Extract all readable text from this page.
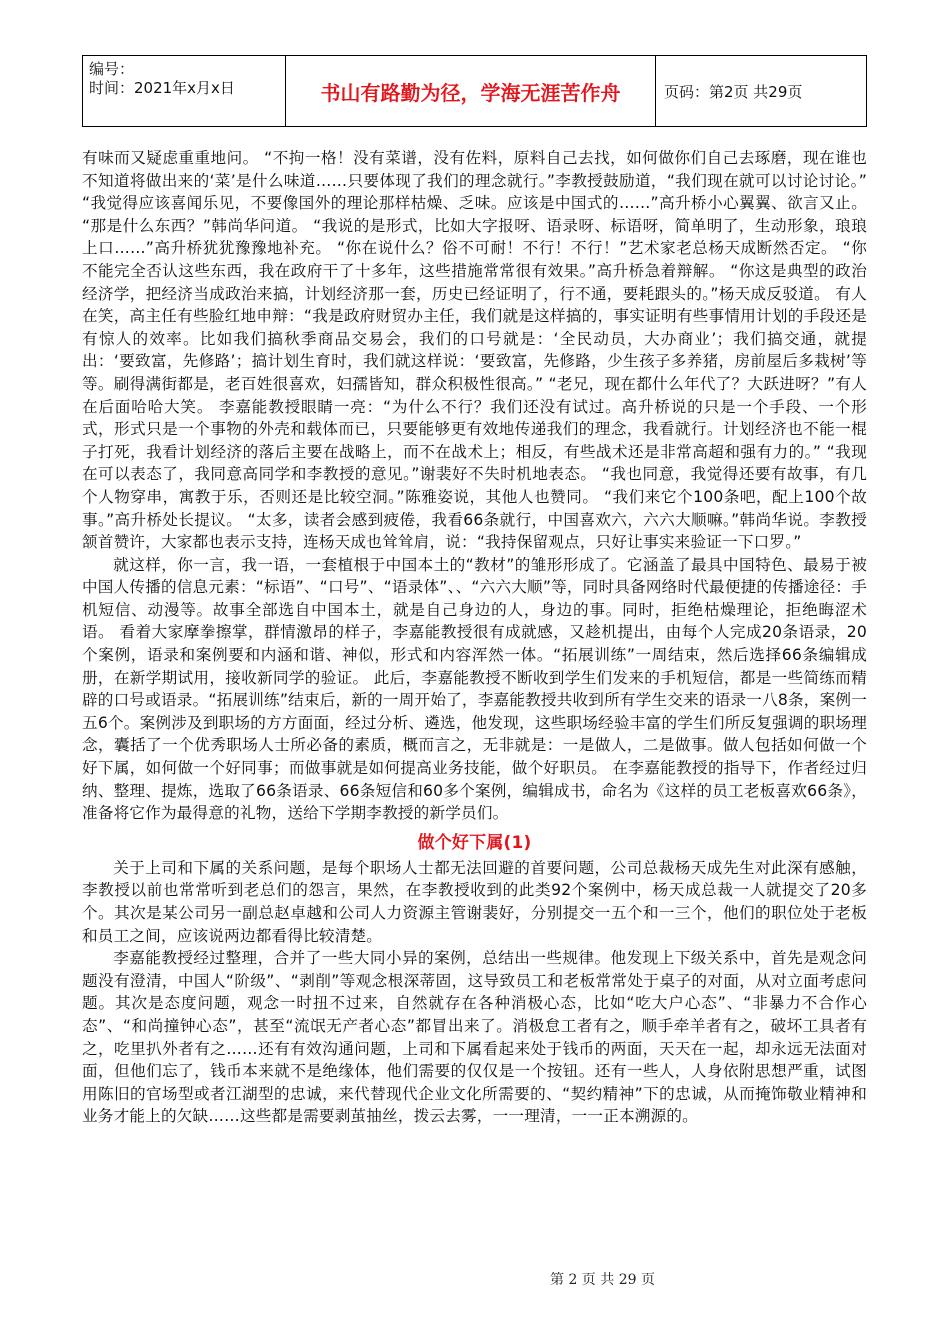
编号：
时间：2021年x月x日	书山有路勤为径，学海无涯苦作舟	页码：第2页 共29页

有味而又疑虑重重地问。 “不拘一格！没有菜谱，没有佐料，原料自己去找，如何做你们自己去琢磨，现在谁也不知道将做出来的‘菜’是什么味道……只要体现了我们的理念就行。”李教授鼓励道，“我们现在就可以讨论讨论。” “我觉得应该喜闻乐见，不要像国外的理论那样枯燥、乏味。应该是中国式的……”高升桥小心翼翼、欲言又止。 “那是什么东西？”韩尚华问道。 “我说的是形式，比如大字报呀、语录呀、标语呀，简单明了，生动形象，琅琅上口……”高升桥犹犹豫豫地补充。 “你在说什么？俗不可耐！不行！不行！”艺术家老总杨天成断然否定。 “你不能完全否认这些东西，我在政府干了十多年，这些措施常常很有效果。”高升桥急着辩解。 “你这是典型的政治经济学，把经济当成政治来搞，计划经济那一套，历史已经证明了，行不通，要耗跟头的。”杨天成反驳道。 有人在笑，高主任有些脸红地申辩：“我是政府财贸办主任，我们就是这样搞的，事实证明有些事情用计划的手段还是有惊人的效率。比如我们搞秋季商品交易会，我们的口号就是：‘全民动员，大办商业’；我们搞交通，就提出：‘要致富，先修路’；搞计划生育时，我们就这样说：‘要致富，先修路，少生孩子多养猪，房前屋后多栽树’等等。刷得满街都是，老百姓很喜欢，妇孺皆知，群众积极性很高。” “老兄，现在都什么年代了？大跃进呀？”有人在后面哈哈大笑。 李嘉能教授眼睛一亮：“为什么不行？我们还没有试过。高升桥说的只是一个手段、一个形式，形式只是一个事物的外壳和载体而已，只要能够更有效地传递我们的理念，我看就行。计划经济也不能一棍子打死，我看计划经济的落后主要在战略上，而不在战术上；相反，有些战术还是非常高超和强有力的。” “我现在可以表态了，我同意高同学和李教授的意见。”谢裴好不失时机地表态。 “我也同意，我觉得还要有故事，有几个人物穿串，寓教于乐，否则还是比较空洞。”陈雅姿说，其他人也赞同。 “我们来它个100条吧，配上100个故事。”高升桥处长提议。 “太多，读者会感到疲倦，我看66条就行，中国喜欢六，六六大顺嘛。”韩尚华说。李教授颔首赞许，大家都也表示支持，连杨天成也耸耸肩，说：“我持保留观点，只好让事实来验证一下口罗。”

就这样，你一言，我一语，一套植根于中国本土的“教材”的雏形形成了。它涵盖了最具中国特色、最易于被中国人传播的信息元素：“标语”、“口号”、“语录体”、、“六六大顺”等，同时具备网络时代最便捷的传播途径：手机短信、动漫等。故事全部选自中国本土，就是自己身边的人，身边的事。同时，拒绝枯燥理论，拒绝晦涩术语。 看着大家摩拳擦掌，群情激昂的样子，李嘉能教授很有成就感，又趁机提出，由每个人完成20条语录，20个案例，语录和案例要和内涵和谐、神似，形式和内容浑然一体。“拓展训练”一周结束，然后选择66条编辑成册，在新学期试用，接收新同学的验证。 此后，李嘉能教授不断收到学生们发来的手机短信，都是一些简练而精辟的口号或语录。“拓展训练”结束后，新的一周开始了，李嘉能教授共收到所有学生交来的语录一八8条，案例一五6个。案例涉及到职场的方方面面，经过分析、遴选，他发现，这些职场经验丰富的学生们所反复强调的职场理念，囊括了一个优秀职场人士所必备的素质，概而言之，无非就是：一是做人，二是做事。做人包括如何做一个好下属，如何做一个好同事；而做事就是如何提高业务技能，做个好职员。 在李嘉能教授的指导下，作者经过归纳、整理、提炼，选取了66条语录、66条短信和60多个案例，编辑成书，命名为《这样的员工老板喜欢66条》，准备将它作为最得意的礼物，送给下学期李教授的新学员们。

做个好下属(1)

关于上司和下属的关系问题，是每个职场人士都无法回避的首要问题，公司总裁杨天成先生对此深有感触，李教授以前也常常听到老总们的怨言，果然，在李教授收到的此类92个案例中，杨天成总裁一人就提交了20多个。其次是某公司另一副总赵卓越和公司人力资源主管谢裴好，分别提交一五个和一三个，他们的职位处于老板和员工之间，应该说两边都看得比较清楚。

李嘉能教授经过整理，合并了一些大同小异的案例，总结出一些规律。他发现上下级关系中，首先是观念问题没有澄清，中国人“阶级”、“剥削”等观念根深蒂固，这导致员工和老板常常处于桌子的对面，从对立面考虑问题。其次是态度问题，观念一时扭不过来，自然就存在各种消极心态，比如“吃大户心态”、“非暴力不合作心态”、“和尚撞钟心态”，甚至“流氓无产者心态”都冒出来了。消极怠工者有之，顺手牵羊者有之，破坏工具者有之，吃里扒外者有之……还有有效沟通问题，上司和下属看起来处于钱币的两面，天天在一起，却永远无法面对面，但他们忘了，钱币本来就不是绝缘体，他们需要的仅仅是一个按钮。还有一些人，人身依附思想严重，试图用陈旧的官场型或者江湖型的忠诚，来代替现代企业文化所需要的、“契约精神”下的忠诚，从而掩饰敬业精神和业务才能上的欠缺……这些都是需要剥茧抽丝，拨云去雾，一一理清，一一正本溯源的。

第 2 页 共 29 页
